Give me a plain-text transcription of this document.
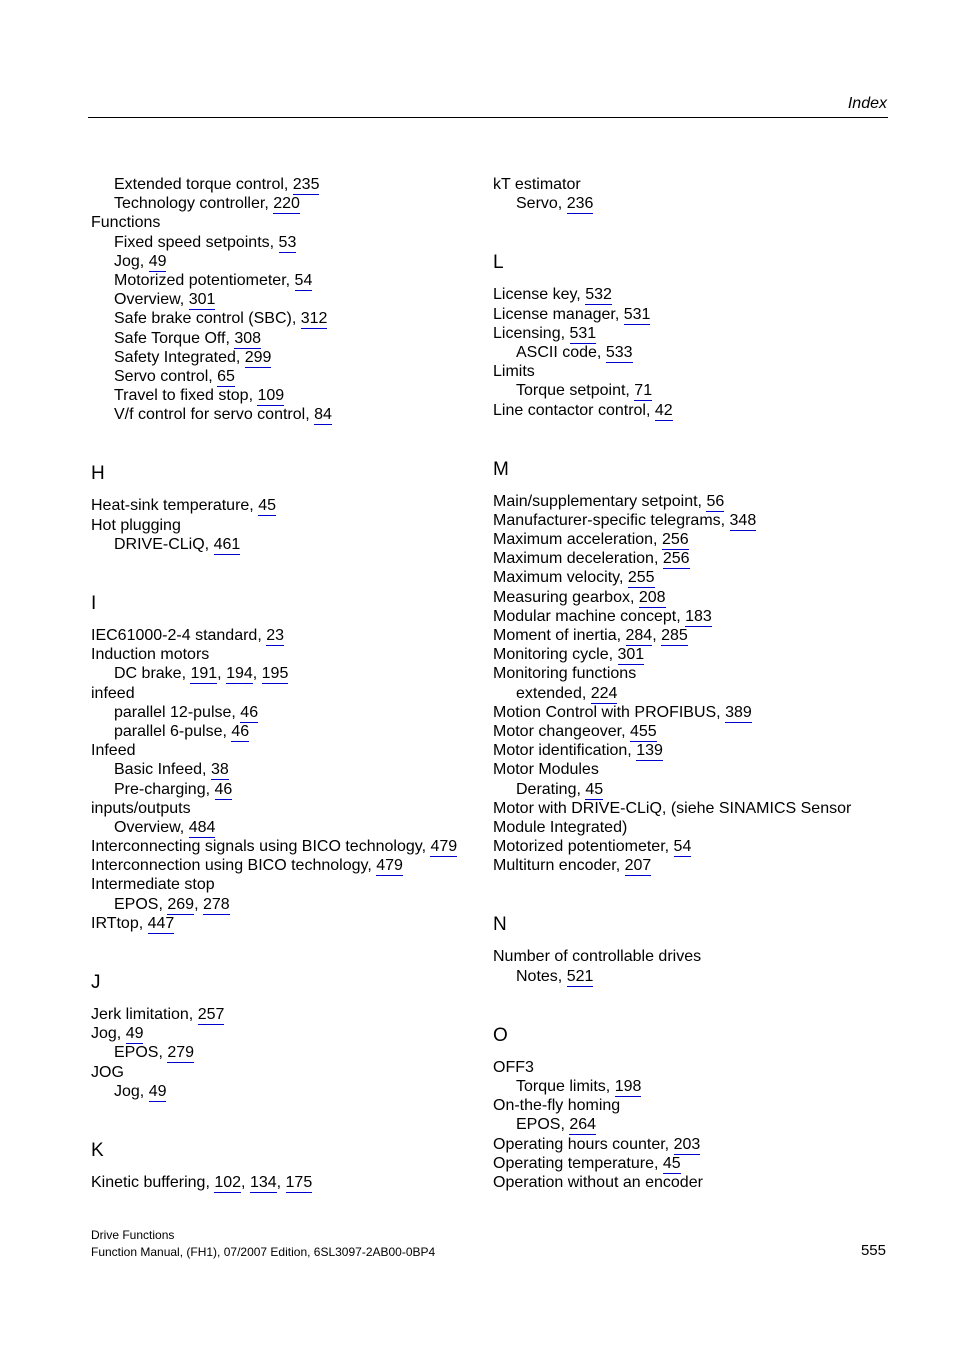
Index
Extended torque control, 235
Technology controller, 220
Functions
Fixed speed setpoints, 53
Jog, 49
Motorized potentiometer, 54
Overview, 301
Safe brake control (SBC), 312
Safe Torque Off, 308
Safety Integrated, 299
Servo control, 65
Travel to fixed stop, 109
V/f control for servo control, 84
H
Heat-sink temperature, 45
Hot plugging
DRIVE-CLiQ, 461
I
IEC61000-2-4 standard, 23
Induction motors
DC brake, 191, 194, 195
infeed
parallel 12-pulse, 46
parallel 6-pulse, 46
Infeed
Basic Infeed, 38
Pre-charging, 46
inputs/outputs
Overview, 484
Interconnecting signals using BICO technology, 479
Interconnection using BICO technology, 479
Intermediate stop
EPOS, 269, 278
IRTtop, 447
J
Jerk limitation, 257
Jog, 49
EPOS, 279
JOG
Jog, 49
K
Kinetic buffering, 102, 134, 175
kT estimator
Servo, 236
L
License key, 532
License manager, 531
Licensing, 531
ASCII code, 533
Limits
Torque setpoint, 71
Line contactor control, 42
M
Main/supplementary setpoint, 56
Manufacturer-specific telegrams, 348
Maximum acceleration, 256
Maximum deceleration, 256
Maximum velocity, 255
Measuring gearbox, 208
Modular machine concept, 183
Moment of inertia, 284, 285
Monitoring cycle, 301
Monitoring functions
extended, 224
Motion Control with PROFIBUS, 389
Motor changeover, 455
Motor identification, 139
Motor Modules
Derating, 45
Motor with DRIVE-CLiQ, (siehe SINAMICS Sensor Module Integrated)
Motorized potentiometer, 54
Multiturn encoder, 207
N
Number of controllable drives
Notes, 521
O
OFF3
Torque limits, 198
On-the-fly homing
EPOS, 264
Operating hours counter, 203
Operating temperature, 45
Operation without an encoder
Drive Functions
Function Manual, (FH1), 07/2007 Edition, 6SL3097-2AB00-0BP4	555
